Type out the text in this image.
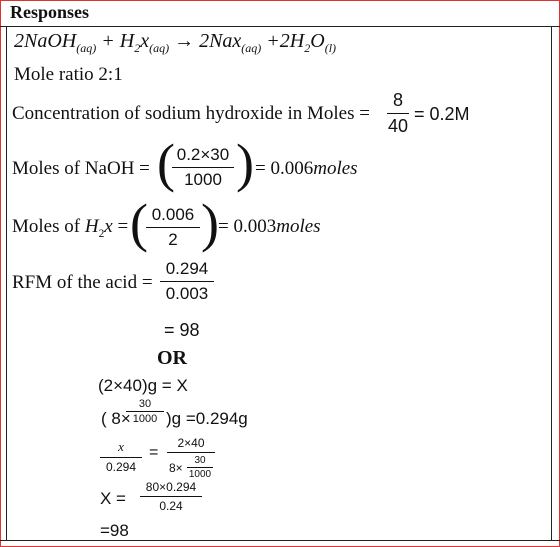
Responses
2NaOH$_{(aq)}$ + $H_2x_{(aq)} \to 2Nax_{(aq)} +2H_2O_{(l)}$
Mole ratio 2:1
Concentration of sodium hydroxide in Moles =
8
40
= 0.2M
Moles of NaOH = ( 0.2×30
1000 ) = 0.006moles
Moles of $H_2x$ = ( 0.006
2 ) = 0.003moles
RFM of the acid =
0.294
0.003
= 98
OR
(2×40)g = X
( 8×
30
1000 )g =0.294g
x
0.294
=
2×40
8×
30
1000
X =
80×0.294
0.24
=98
